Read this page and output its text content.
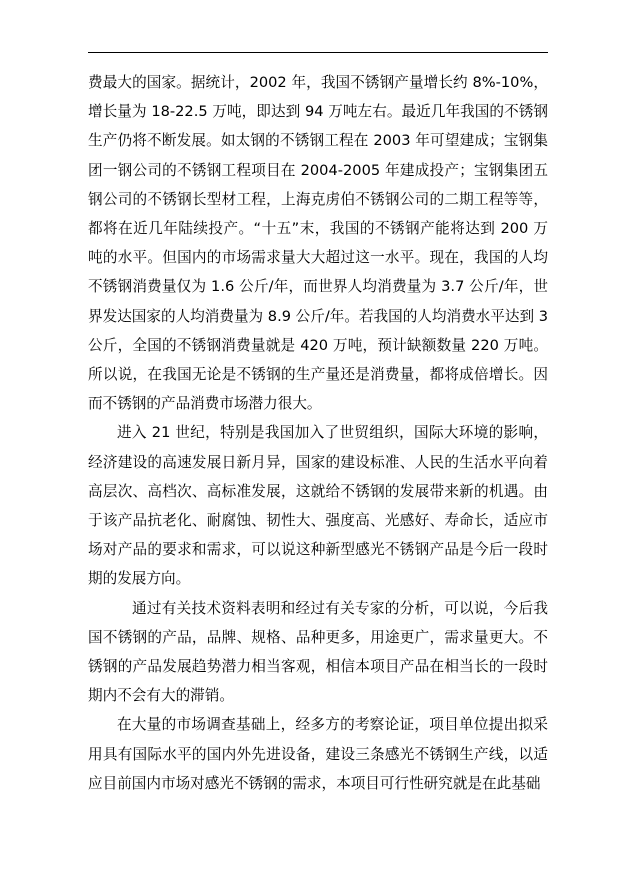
费最大的国家。据统计，2002 年，我国不锈钢产量增长约 8%-10%，增长量为 18-22.5 万吨，即达到 94 万吨左右。最近几年我国的不锈钢生产仍将不断发展。如太钢的不锈钢工程在 2003 年可望建成；宝钢集团一钢公司的不锈钢工程项目在 2004-2005 年建成投产；宝钢集团五钢公司的不锈钢长型材工程，上海克虏伯不锈钢公司的二期工程等等，都将在近几年陆续投产。“十五”末，我国的不锈钢产能将达到 200 万吨的水平。但国内的市场需求量大大超过这一水平。现在，我国的人均不锈钢消费量仅为 1.6 公斤/年，而世界人均消费量为 3.7 公斤/年，世界发达国家的人均消费量为 8.9 公斤/年。若我国的人均消费水平达到 3 公斤，全国的不锈钢消费量就是 420 万吨，预计缺额数量 220 万吨。所以说，在我国无论是不锈钢的生产量还是消费量，都将成倍增长。因而不锈钢的产品消费市场潜力很大。

进入 21 世纪，特别是我国加入了世贸组织，国际大环境的影响，经济建设的高速发展日新月异，国家的建设标准、人民的生活水平向着高层次、高档次、高标准发展，这就给不锈钢的发展带来新的机遇。由于该产品抗老化、耐腐蚀、韧性大、强度高、光感好、寿命长，适应市场对产品的要求和需求，可以说这种新型感光不锈钢产品是今后一段时期的发展方向。

通过有关技术资料表明和经过有关专家的分析，可以说，今后我国不锈钢的产品，品牌、规格、品种更多，用途更广，需求量更大。不锈钢的产品发展趋势潜力相当客观，相信本项目产品在相当长的一段时期内不会有大的滞销。

在大量的市场调查基础上，经多方的考察论证，项目单位提出拟采用具有国际水平的国内外先进设备，建设三条感光不锈钢生产线，以适应目前国内市场对感光不锈钢的需求，本项目可行性研究就是在此基础
